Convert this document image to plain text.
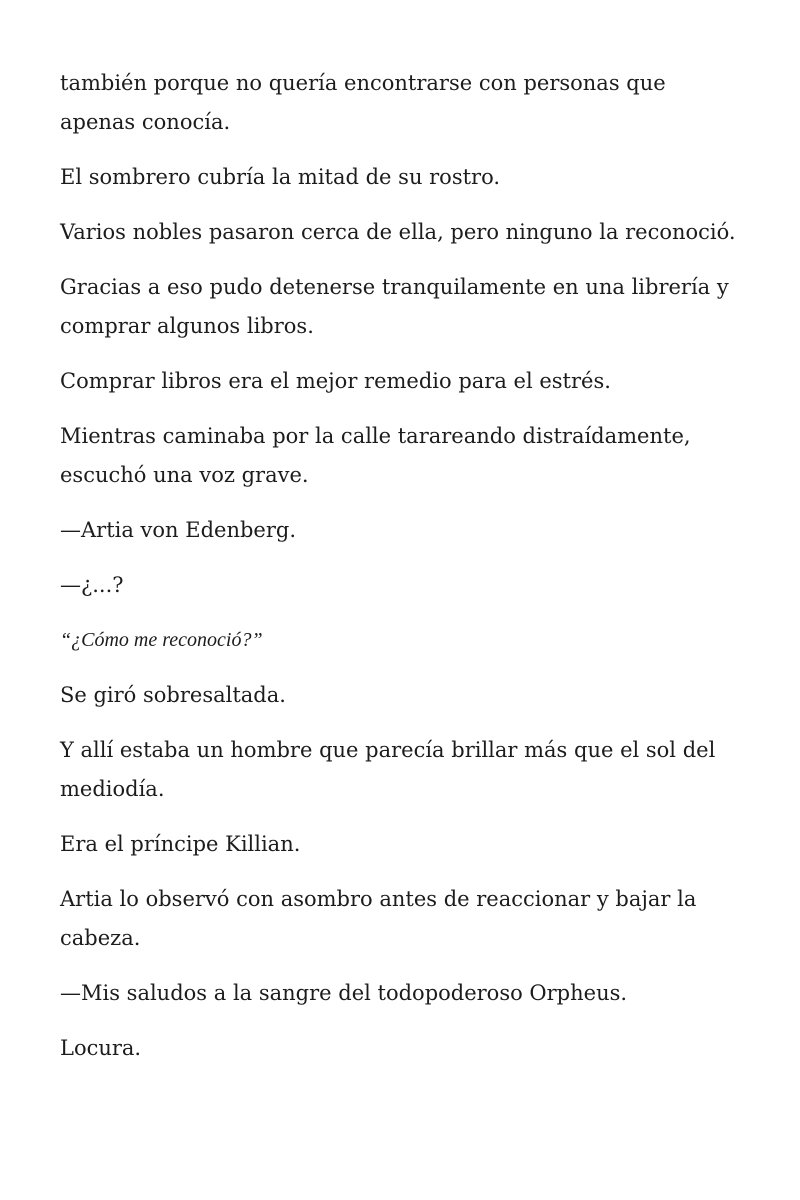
también porque no quería encontrarse con personas que apenas conocía.

El sombrero cubría la mitad de su rostro.

Varios nobles pasaron cerca de ella, pero ninguno la reconoció.

Gracias a eso pudo detenerse tranquilamente en una librería y comprar algunos libros.

Comprar libros era el mejor remedio para el estrés.

Mientras caminaba por la calle tarareando distraídamente, escuchó una voz grave.

—Artia von Edenberg.

—¿...?

“¿Cómo me reconoció?”

Se giró sobresaltada.

Y allí estaba un hombre que parecía brillar más que el sol del mediodía.

Era el príncipe Killian.

Artia lo observó con asombro antes de reaccionar y bajar la cabeza.

—Mis saludos a la sangre del todopoderoso Orpheus.

Locura.
